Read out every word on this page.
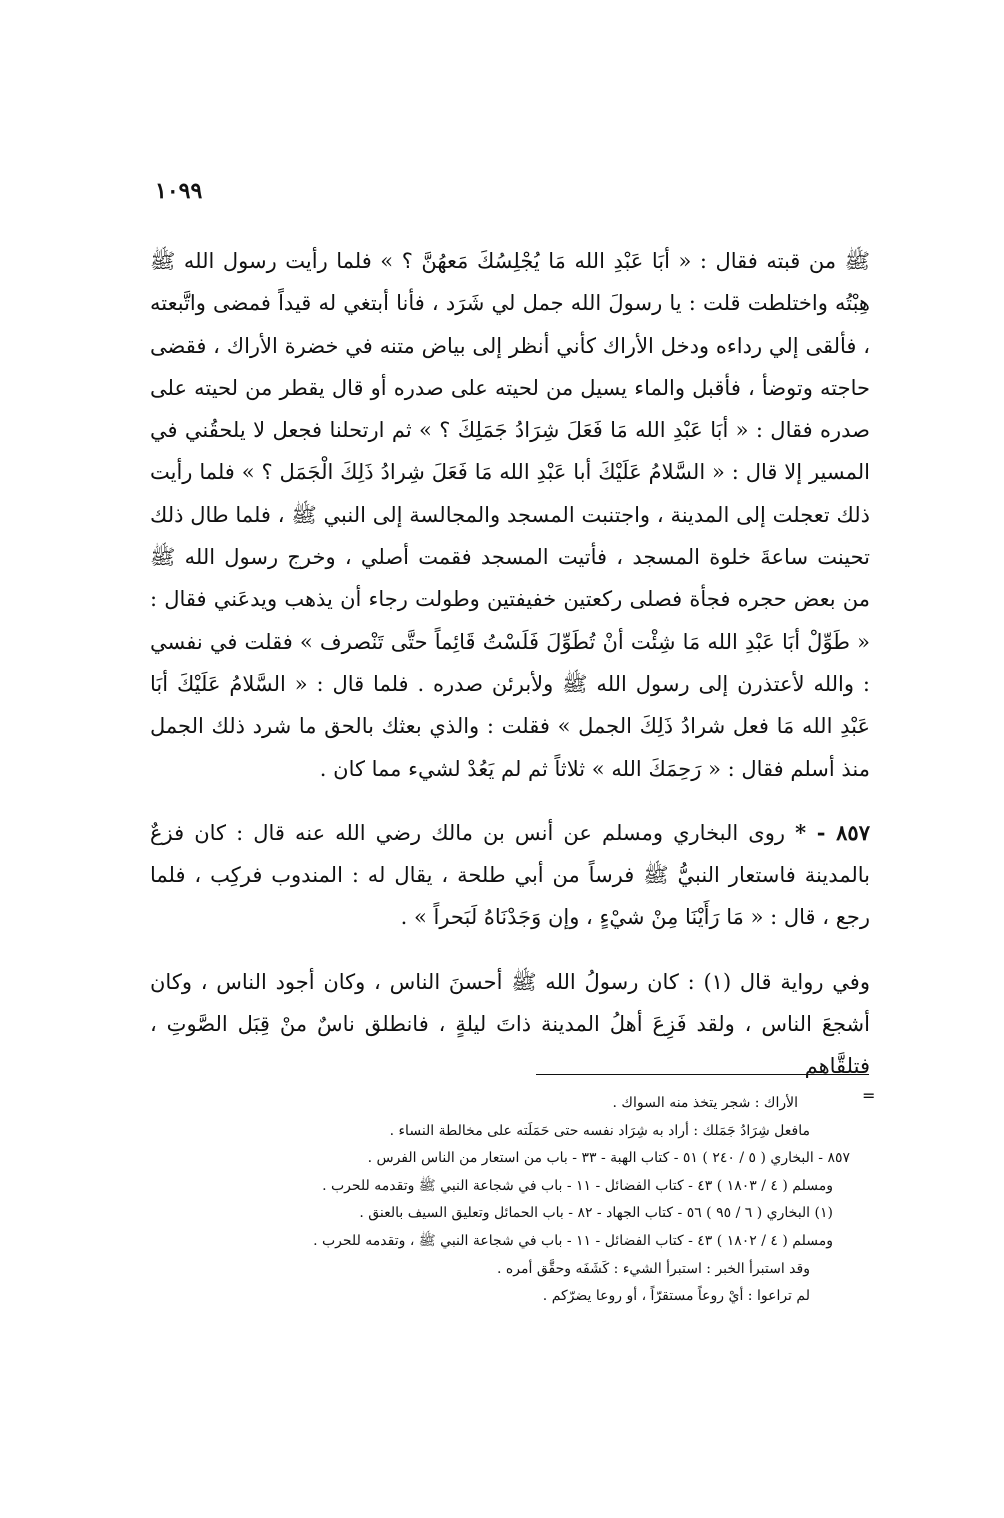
١٠٩٩

ﷺ من قبته فقال : « أبَا عَبْدِ الله مَا يُجْلِسُكَ مَعهُنَّ ؟ » فلما رأيت رسول الله ﷺ هِبْتُه واختلطت قلت : يا رسولَ الله جمل لي شَرَد ، فأنا أبتغي له قيداً فمضى واتَّبعته ، فألقى إلي رداءه ودخل الأراك كأني أنظر إلى بياض متنه في خضرة الأراك ، فقضى حاجته وتوضأ ، فأقبل والماء يسيل من لحيته على صدره أو قال يقطر من لحيته على صدره فقال : « أبَا عَبْدِ الله مَا فَعَلَ شِرَادُ جَمَلِكَ ؟ » ثم ارتحلنا فجعل لا يلحقُني في المسير إلا قال : « السَّلامُ عَلَيْكَ أبا عَبْدِ الله مَا فَعَلَ شِرادُ ذَلِكَ الْجَمَل ؟ » فلما رأيت ذلك تعجلت إلى المدينة ، واجتنبت المسجد والمجالسة إلى النبي ﷺ ، فلما طال ذلك تحينت ساعةَ خلوة المسجد ، فأتيت المسجد فقمت أصلي ، وخرج رسول الله ﷺ من بعض حجره فجأة فصلى ركعتين خفيفتين وطولت رجاء أن يذهب ويدعَني فقال : « طَوِّلْ أبَا عَبْدِ الله مَا شِئْت أنْ تُطَوِّلَ فَلَسْتُ قَائِماً حتَّى تَنْصرف » فقلت في نفسي : والله لأعتذرن إلى رسول الله ﷺ ولأبرئن صدره . فلما قال : « السَّلامُ عَلَيْكَ أبَا عَبْدِ الله مَا فعل شرادُ ذَلِكَ الجمل » فقلت : والذي بعثك بالحق ما شرد ذلك الجمل منذ أسلم فقال : « رَحِمَكَ الله » ثلاثاً ثم لم يَعُدْ لشيء مما كان .

٨٥٧ - * روى البخاري ومسلم عن أنس بن مالك رضي الله عنه قال : كان فزعٌ بالمدينة فاستعار النبيُّ ﷺ فرساً من أبي طلحة ، يقال له : المندوب فركِب ، فلما رجع ، قال : « مَا رَأَيْنَا مِنْ شيْءٍ ، وإن وَجَدْنَاهُ لَبَحراً » .

وفي رواية قال (١) : كان رسولُ الله ﷺ أحسنَ الناس ، وكان أجود الناس ، وكان أشجعَ الناس ، ولقد فَزِعَ أهلُ المدينة ذاتَ ليلةٍ ، فانطلق ناسٌ منْ قِبَل الصَّوتِ ، فتلقَّاهم

=
الأراك : شجر يتخذ منه السواك .
مافعل شِرَادُ جَمَلك : أراد به شِرَاد نفسه حتى حَمَلَته على مخالطة النساء .
٨٥٧ - البخاري ( ٥ / ٢٤٠ ) ٥١ - كتاب الهبة - ٣٣ - باب من استعار من الناس الفرس .
ومسلم ( ٤ / ١٨٠٣ ) ٤٣ - كتاب الفضائل - ١١ - باب في شجاعة النبي ﷺ وتقدمه للحرب .
(١) البخاري ( ٦ / ٩٥ ) ٥٦ - كتاب الجهاد - ٨٢ - باب الحمائل وتعليق السيف بالعنق .
ومسلم ( ٤ / ١٨٠٢ ) ٤٣ - كتاب الفضائل - ١١ - باب في شجاعة النبي ﷺ ، وتقدمه للحرب .
وقد استبرأ الخبر : استبرأ الشيء : كَشَفَه وحقَّق أمره .
لم تراعوا : أيْ روعاً مستقرّاً ، أو روعا يضرّكم .
